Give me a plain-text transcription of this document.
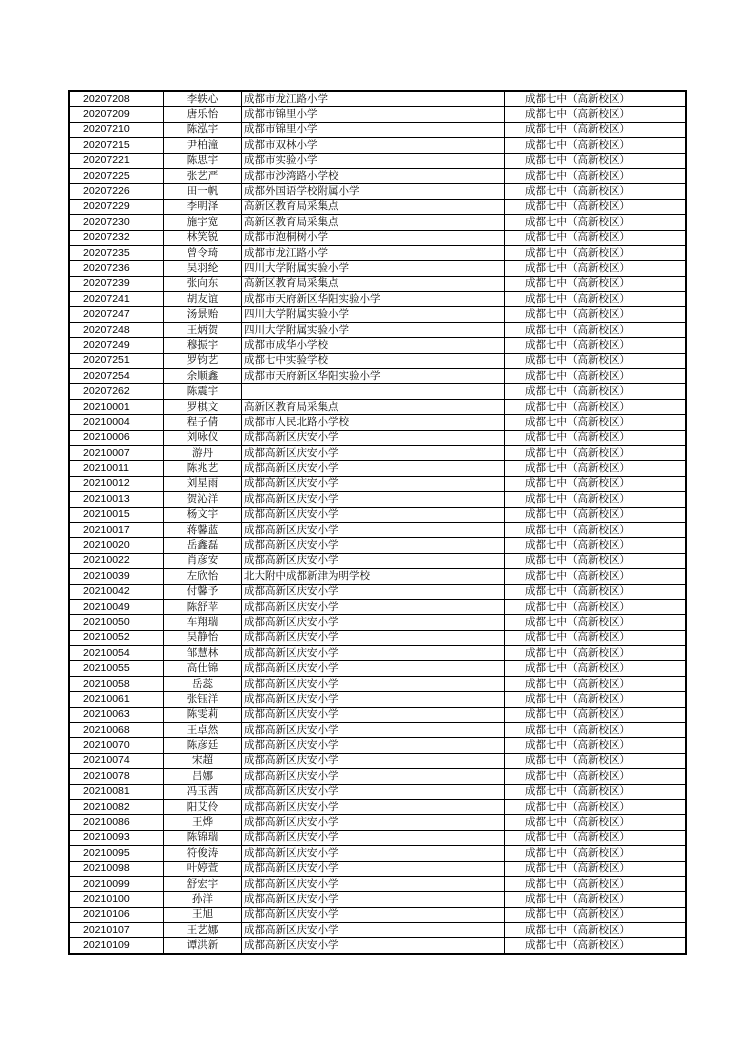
20207208	李轶心	成都市龙江路小学	成都七中（高新校区）
20207209	唐乐怡	成都市锦里小学	成都七中（高新校区）
20207210	陈泓宇	成都市锦里小学	成都七中（高新校区）
20207215	尹柏潼	成都市双林小学	成都七中（高新校区）
20207221	陈思宇	成都市实验小学	成都七中（高新校区）
20207225	张艺严	成都市沙湾路小学校	成都七中（高新校区）
20207226	田一帆	成都外国语学校附属小学	成都七中（高新校区）
20207229	李明泽	高新区教育局采集点	成都七中（高新校区）
20207230	施宇宽	高新区教育局采集点	成都七中（高新校区）
20207232	林笑锐	成都市泡桐树小学	成都七中（高新校区）
20207235	曾令琦	成都市龙江路小学	成都七中（高新校区）
20207236	吴羽纶	四川大学附属实验小学	成都七中（高新校区）
20207239	张向东	高新区教育局采集点	成都七中（高新校区）
20207241	胡友谊	成都市天府新区华阳实验小学	成都七中（高新校区）
20207247	汤景贻	四川大学附属实验小学	成都七中（高新校区）
20207248	王炳贺	四川大学附属实验小学	成都七中（高新校区）
20207249	穆振宇	成都市成华小学校	成都七中（高新校区）
20207251	罗钧艺	成都七中实验学校	成都七中（高新校区）
20207254	余顺鑫	成都市天府新区华阳实验小学	成都七中（高新校区）
20207262	陈震宇		成都七中（高新校区）
20210001	罗棋文	高新区教育局采集点	成都七中（高新校区）
20210004	程子倩	成都市人民北路小学校	成都七中（高新校区）
20210006	刘咏仪	成都高新区庆安小学	成都七中（高新校区）
20210007	游丹	成都高新区庆安小学	成都七中（高新校区）
20210011	陈兆艺	成都高新区庆安小学	成都七中（高新校区）
20210012	刘星雨	成都高新区庆安小学	成都七中（高新校区）
20210013	贺沁洋	成都高新区庆安小学	成都七中（高新校区）
20210015	杨文宇	成都高新区庆安小学	成都七中（高新校区）
20210017	蒋馨蓝	成都高新区庆安小学	成都七中（高新校区）
20210020	岳鑫磊	成都高新区庆安小学	成都七中（高新校区）
20210022	肖彦安	成都高新区庆安小学	成都七中（高新校区）
20210039	左欣怡	北大附中成都新津为明学校	成都七中（高新校区）
20210042	付馨予	成都高新区庆安小学	成都七中（高新校区）
20210049	陈舒苹	成都高新区庆安小学	成都七中（高新校区）
20210050	车翔瑞	成都高新区庆安小学	成都七中（高新校区）
20210052	吴静怡	成都高新区庆安小学	成都七中（高新校区）
20210054	邹慧林	成都高新区庆安小学	成都七中（高新校区）
20210055	高仕锦	成都高新区庆安小学	成都七中（高新校区）
20210058	岳蕊	成都高新区庆安小学	成都七中（高新校区）
20210061	张钰洋	成都高新区庆安小学	成都七中（高新校区）
20210063	陈雯莉	成都高新区庆安小学	成都七中（高新校区）
20210068	王卓然	成都高新区庆安小学	成都七中（高新校区）
20210070	陈彦廷	成都高新区庆安小学	成都七中（高新校区）
20210074	宋超	成都高新区庆安小学	成都七中（高新校区）
20210078	吕娜	成都高新区庆安小学	成都七中（高新校区）
20210081	冯玉茜	成都高新区庆安小学	成都七中（高新校区）
20210082	阳艾伶	成都高新区庆安小学	成都七中（高新校区）
20210086	王烨	成都高新区庆安小学	成都七中（高新校区）
20210093	陈锦瑞	成都高新区庆安小学	成都七中（高新校区）
20210095	符俊涛	成都高新区庆安小学	成都七中（高新校区）
20210098	叶婷萱	成都高新区庆安小学	成都七中（高新校区）
20210099	舒宏宇	成都高新区庆安小学	成都七中（高新校区）
20210100	孙洋	成都高新区庆安小学	成都七中（高新校区）
20210106	王旭	成都高新区庆安小学	成都七中（高新校区）
20210107	王艺娜	成都高新区庆安小学	成都七中（高新校区）
20210109	谭洪新	成都高新区庆安小学	成都七中（高新校区）
